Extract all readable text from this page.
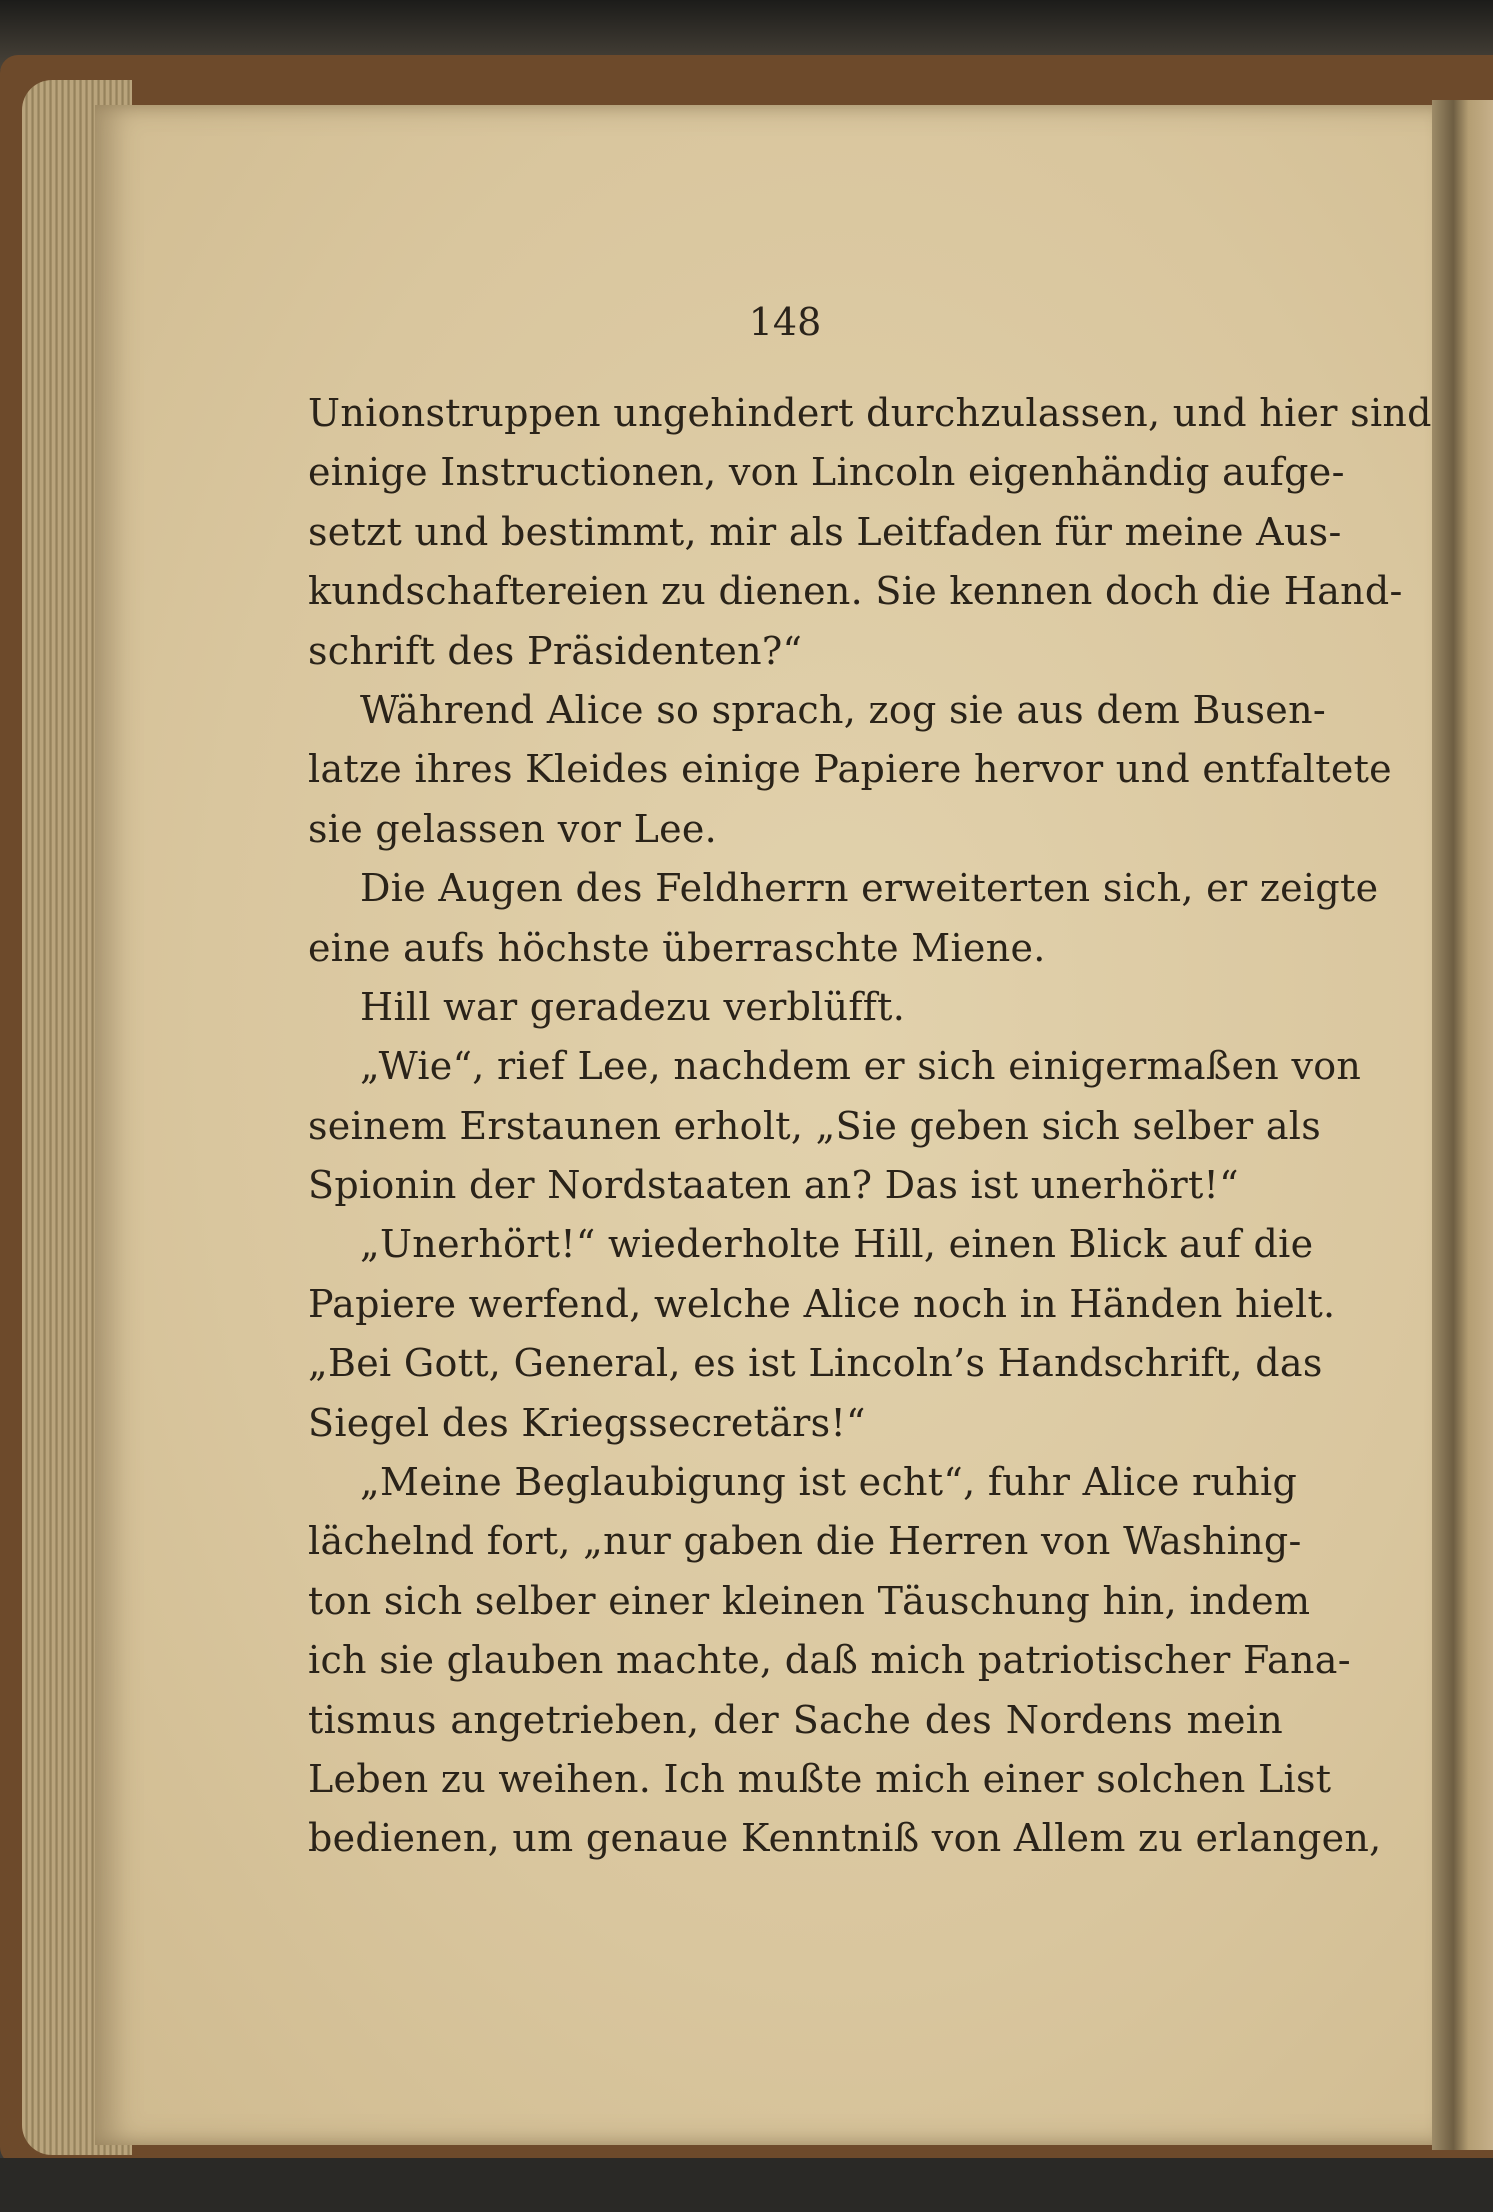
148
Unionstruppen ungehindert durchzulassen, und hier sind
einige Instructionen, von Lincoln eigenhändig aufge-
setzt und bestimmt, mir als Leitfaden für meine Aus-
kundschaftereien zu dienen. Sie kennen doch die Hand-
schrift des Präsidenten?“
Während Alice so sprach, zog sie aus dem Busen-
latze ihres Kleides einige Papiere hervor und entfaltete
sie gelassen vor Lee.
Die Augen des Feldherrn erweiterten sich, er zeigte
eine aufs höchste überraschte Miene.
Hill war geradezu verblüfft.
„Wie“, rief Lee, nachdem er sich einigermaßen von
seinem Erstaunen erholt, „Sie geben sich selber als
Spionin der Nordstaaten an? Das ist unerhört!“
„Unerhört!“ wiederholte Hill, einen Blick auf die
Papiere werfend, welche Alice noch in Händen hielt.
„Bei Gott, General, es ist Lincoln’s Handschrift, das
Siegel des Kriegssecretärs!“
„Meine Beglaubigung ist echt“, fuhr Alice ruhig
lächelnd fort, „nur gaben die Herren von Washing-
ton sich selber einer kleinen Täuschung hin, indem
ich sie glauben machte, daß mich patriotischer Fana-
tismus angetrieben, der Sache des Nordens mein
Leben zu weihen. Ich mußte mich einer solchen List
bedienen, um genaue Kenntniß von Allem zu erlangen,
